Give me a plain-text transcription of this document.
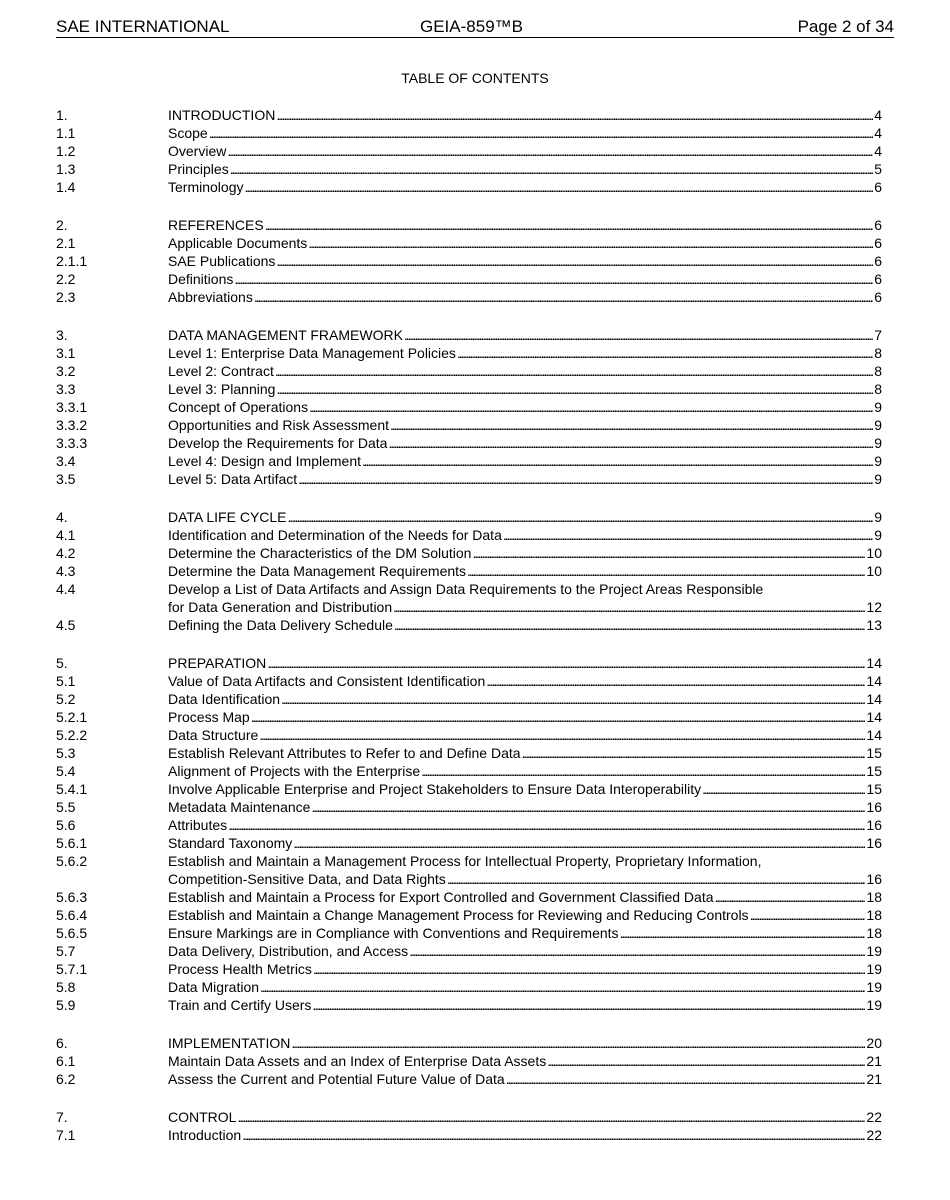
SAE INTERNATIONAL	GEIA-859™B	Page 2 of 34
TABLE OF CONTENTS
1.	INTRODUCTION . . .	4
1.1	Scope . . .	4
1.2	Overview . . .	4
1.3	Principles . . .	5
1.4	Terminology . . .	6
2.	REFERENCES . . .	6
2.1	Applicable Documents . . .	6
2.1.1	SAE Publications . . .	6
2.2	Definitions . . .	6
2.3	Abbreviations . . .	6
3.	DATA MANAGEMENT FRAMEWORK . . .	7
3.1	Level 1: Enterprise Data Management Policies . . .	8
3.2	Level 2: Contract . . .	8
3.3	Level 3: Planning . . .	8
3.3.1	Concept of Operations . . .	9
3.3.2	Opportunities and Risk Assessment . . .	9
3.3.3	Develop the Requirements for Data . . .	9
3.4	Level 4: Design and Implement . . .	9
3.5	Level 5: Data Artifact . . .	9
4.	DATA LIFE CYCLE . . .	9
4.1	Identification and Determination of the Needs for Data . . .	9
4.2	Determine the Characteristics of the DM Solution . . .	10
4.3	Determine the Data Management Requirements . . .	10
4.4	Develop a List of Data Artifacts and Assign Data Requirements to the Project Areas Responsible
for Data Generation and Distribution . . .	12
4.5	Defining the Data Delivery Schedule . . .	13
5.	PREPARATION . . .	14
5.1	Value of Data Artifacts and Consistent Identification . . .	14
5.2	Data Identification . . .	14
5.2.1	Process Map . . .	14
5.2.2	Data Structure . . .	14
5.3	Establish Relevant Attributes to Refer to and Define Data . . .	15
5.4	Alignment of Projects with the Enterprise . . .	15
5.4.1	Involve Applicable Enterprise and Project Stakeholders to Ensure Data Interoperability . . .	15
5.5	Metadata Maintenance . . .	16
5.6	Attributes . . .	16
5.6.1	Standard Taxonomy . . .	16
5.6.2	Establish and Maintain a Management Process for Intellectual Property, Proprietary Information,
Competition-Sensitive Data, and Data Rights . . .	16
5.6.3	Establish and Maintain a Process for Export Controlled and Government Classified Data . . .	18
5.6.4	Establish and Maintain a Change Management Process for Reviewing and Reducing Controls . . .	18
5.6.5	Ensure Markings are in Compliance with Conventions and Requirements . . .	18
5.7	Data Delivery, Distribution, and Access . . .	19
5.7.1	Process Health Metrics . . .	19
5.8	Data Migration . . .	19
5.9	Train and Certify Users . . .	19
6.	IMPLEMENTATION . . .	20
6.1	Maintain Data Assets and an Index of Enterprise Data Assets . . .	21
6.2	Assess the Current and Potential Future Value of Data . . .	21
7.	CONTROL . . .	22
7.1	Introduction . . .	22
